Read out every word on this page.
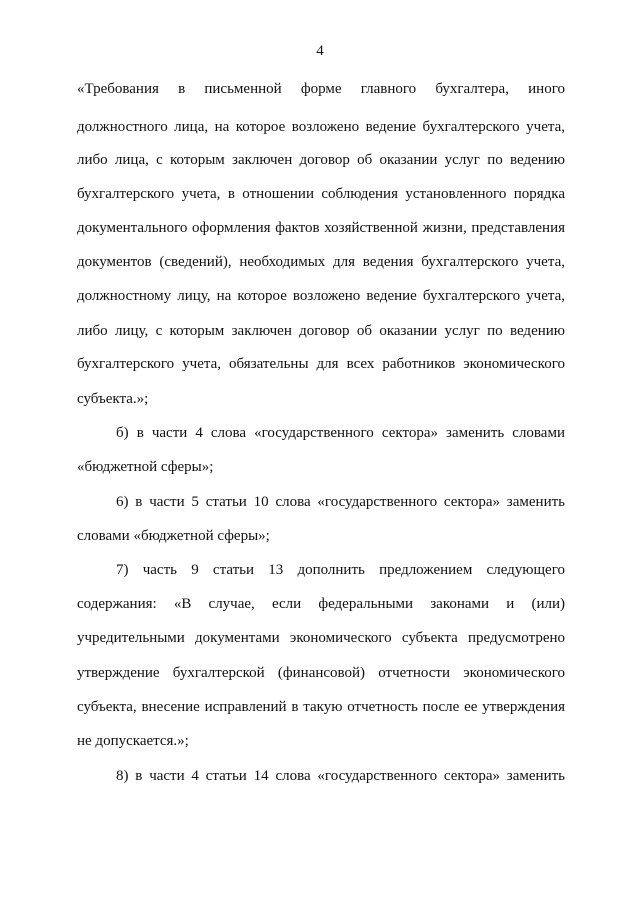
4
«Требования в письменной форме главного бухгалтера, иного
должностного лица, на которое возложено ведение бухгалтерского учета,
либо лица, с которым заключен договор об оказании услуг по ведению
бухгалтерского учета, в отношении соблюдения установленного порядка
документального оформления фактов хозяйственной жизни, представления
документов (сведений), необходимых для ведения бухгалтерского учета,
должностному лицу, на которое возложено ведение бухгалтерского учета,
либо лицу, с которым заключен договор об оказании услуг по ведению
бухгалтерского учета, обязательны для всех работников экономического
субъекта.»;
б) в части 4 слова «государственного сектора» заменить словами
«бюджетной сферы»;
6) в части 5 статьи 10 слова «государственного сектора» заменить
словами «бюджетной сферы»;
7) часть 9 статьи 13 дополнить предложением следующего
содержания: «В случае, если федеральными законами и (или)
учредительными документами экономического субъекта предусмотрено
утверждение бухгалтерской (финансовой) отчетности экономического
субъекта, внесение исправлений в такую отчетность после ее утверждения
не допускается.»;
8) в части 4 статьи 14 слова «государственного сектора» заменить
